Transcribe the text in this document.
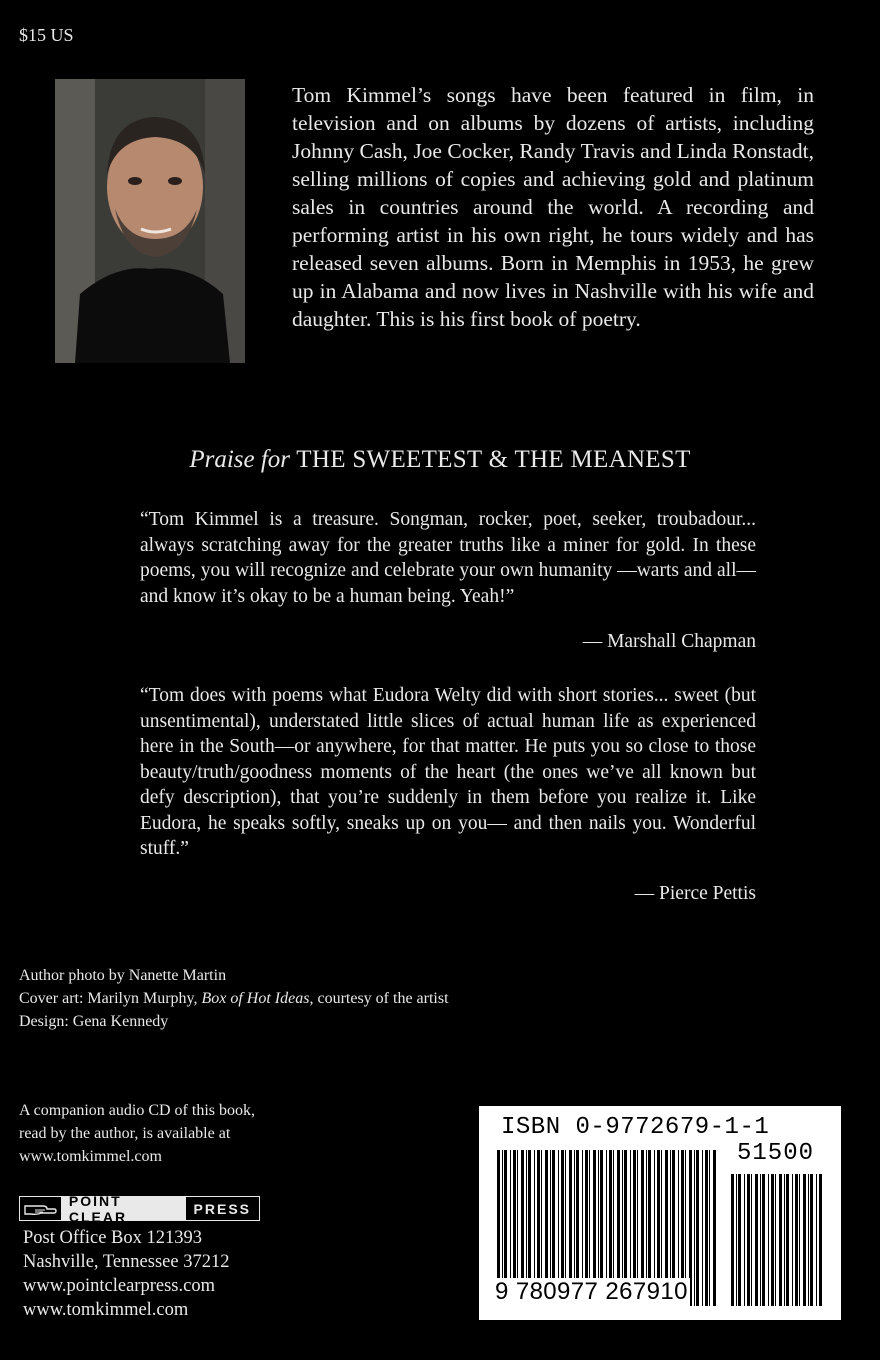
$15 US

Tom Kimmel’s songs have been featured in film, in television and on albums by dozens of artists, including Johnny Cash, Joe Cocker, Randy Travis and Linda Ronstadt, selling millions of copies and achieving gold and platinum sales in countries around the world. A recording and performing artist in his own right, he tours widely and has released seven albums. Born in Memphis in 1953, he grew up in Alabama and now lives in Nashville with his wife and daughter. This is his first book of poetry.

Praise for THE SWEETEST & THE MEANEST

“Tom Kimmel is a treasure. Songman, rocker, poet, seeker, troubadour... always scratching away for the greater truths like a miner for gold. In these poems, you will recognize and celebrate your own humanity —warts and all—and know it’s okay to be a human being. Yeah!”

— Marshall Chapman

“Tom does with poems what Eudora Welty did with short stories... sweet (but unsentimental), understated little slices of actual human life as experienced here in the South—or anywhere, for that matter. He puts you so close to those beauty/truth/goodness moments of the heart (the ones we’ve all known but defy description), that you’re suddenly in them before you realize it. Like Eudora, he speaks softly, sneaks up on you— and then nails you. Wonderful stuff.”

— Pierce Pettis
Author photo by Nanette Martin
Cover art: Marilyn Murphy, Box of Hot Ideas, courtesy of the artist
Design: Gena Kennedy
A companion audio CD of this book,
read by the author, is available at
www.tomkimmel.com
POINT CLEAR	PRESS
Post Office Box 121393
Nashville, Tennessee 37212
www.pointclearpress.com
www.tomkimmel.com
ISBN 0-9772679-1-1
51500
9 780977 267910
